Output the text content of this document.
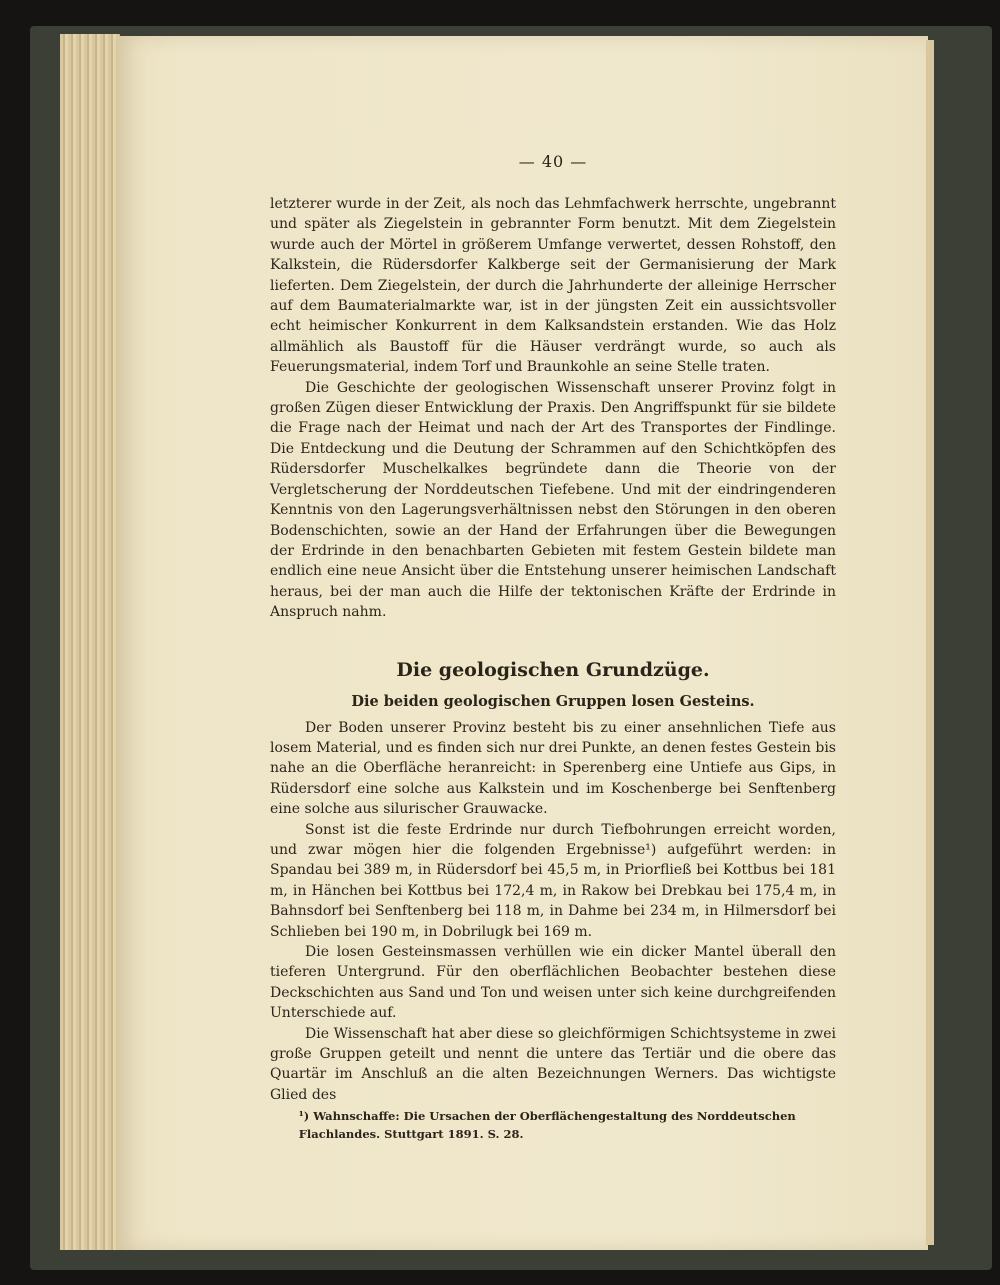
— 40 —

letzterer wurde in der Zeit, als noch das Lehmfachwerk herrschte, ungebrannt und später als Ziegelstein in gebrannter Form benutzt. Mit dem Ziegelstein wurde auch der Mörtel in größerem Umfange verwertet, dessen Rohstoff, den Kalkstein, die Rüdersdorfer Kalkberge seit der Germanisierung der Mark lieferten. Dem Ziegelstein, der durch die Jahrhunderte der alleinige Herrscher auf dem Baumaterialmarkte war, ist in der jüngsten Zeit ein aussichtsvoller echt heimischer Konkurrent in dem Kalksandstein erstanden. Wie das Holz allmählich als Baustoff für die Häuser verdrängt wurde, so auch als Feuerungsmaterial, indem Torf und Braunkohle an seine Stelle traten.

Die Geschichte der geologischen Wissenschaft unserer Provinz folgt in großen Zügen dieser Entwicklung der Praxis. Den Angriffspunkt für sie bildete die Frage nach der Heimat und nach der Art des Transportes der Findlinge. Die Entdeckung und die Deutung der Schrammen auf den Schichtköpfen des Rüdersdorfer Muschelkalkes begründete dann die Theorie von der Vergletscherung der Norddeutschen Tiefebene. Und mit der eindringenderen Kenntnis von den Lagerungsverhältnissen nebst den Störungen in den oberen Bodenschichten, sowie an der Hand der Erfahrungen über die Bewegungen der Erdrinde in den benachbarten Gebieten mit festem Gestein bildete man endlich eine neue Ansicht über die Entstehung unserer heimischen Landschaft heraus, bei der man auch die Hilfe der tektonischen Kräfte der Erdrinde in Anspruch nahm.

Die geologischen Grundzüge.
Die beiden geologischen Gruppen losen Gesteins.

Der Boden unserer Provinz besteht bis zu einer ansehnlichen Tiefe aus losem Material, und es finden sich nur drei Punkte, an denen festes Gestein bis nahe an die Oberfläche heranreicht: in Sperenberg eine Untiefe aus Gips, in Rüdersdorf eine solche aus Kalkstein und im Koschenberge bei Senftenberg eine solche aus silurischer Grauwacke.

Sonst ist die feste Erdrinde nur durch Tiefbohrungen erreicht worden, und zwar mögen hier die folgenden Ergebnisse¹) aufgeführt werden: in Spandau bei 389 m, in Rüdersdorf bei 45,5 m, in Priorfließ bei Kottbus bei 181 m, in Hänchen bei Kottbus bei 172,4 m, in Rakow bei Drebkau bei 175,4 m, in Bahnsdorf bei Senftenberg bei 118 m, in Dahme bei 234 m, in Hilmersdorf bei Schlieben bei 190 m, in Dobrilugk bei 169 m.

Die losen Gesteinsmassen verhüllen wie ein dicker Mantel überall den tieferen Untergrund. Für den oberflächlichen Beobachter bestehen diese Deckschichten aus Sand und Ton und weisen unter sich keine durchgreifenden Unterschiede auf.

Die Wissenschaft hat aber diese so gleichförmigen Schichtsysteme in zwei große Gruppen geteilt und nennt die untere das Tertiär und die obere das Quartär im Anschluß an die alten Bezeichnungen Werners. Das wichtigste Glied des

¹) Wahnschaffe: Die Ursachen der Oberflächengestaltung des Norddeutschen Flachlandes. Stuttgart 1891. S. 28.
